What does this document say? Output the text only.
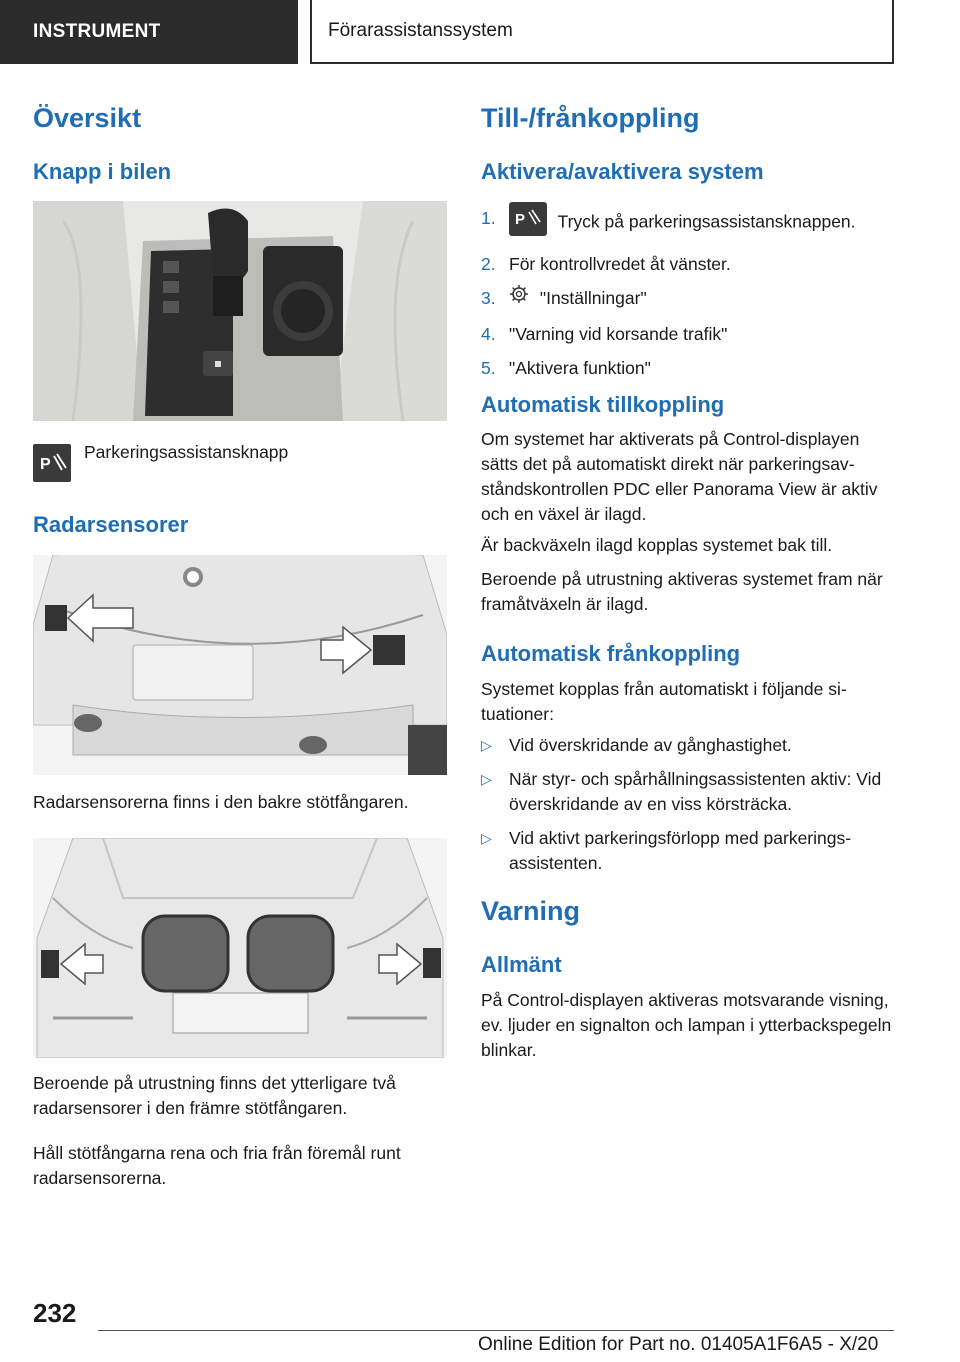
INSTRUMENT	Förarassistanssystem
Översikt
Knapp i bilen
P
Parkeringsassistansknapp
Radarsensorer
Radarsensorerna finns i den bakre stötfångaren.
Beroende på utrustning finns det ytterligare två radarsensorer i den främre stötfångaren.
Håll stötfångarna rena och fria från föremål runt radarsensorerna.
Till-/frånkoppling
Aktivera/avaktivera system
1. P Tryck på parkeringsassistansknappen.
2. För kontrollvredet åt vänster.
3.	"Inställningar"
4. "Varning vid korsande trafik"
5. "Aktivera funktion"
Automatisk tillkoppling
Om systemet har aktiverats på Control-displayen sätts det på automatiskt direkt när parkeringsavståndskontrollen PDC eller Panorama View är aktiv och en växel är ilagd.
Är backväxeln ilagd kopplas systemet bak till.
Beroende på utrustning aktiveras systemet fram när framåtväxeln är ilagd.
Automatisk frånkoppling
Systemet kopplas från automatiskt i följande situationer:
▷ Vid överskridande av gånghastighet.
▷ När styr- och spårhållningsassistenten aktiv: Vid överskridande av en viss körsträcka.
▷ Vid aktivt parkeringsförlopp med parkeringsassistenten.
Varning
Allmänt
På Control-displayen aktiveras motsvarande visning, ev. ljuder en signalton och lampan i ytterbackspegeln blinkar.
232
Online Edition for Part no. 01405A1F6A5 - X/20
